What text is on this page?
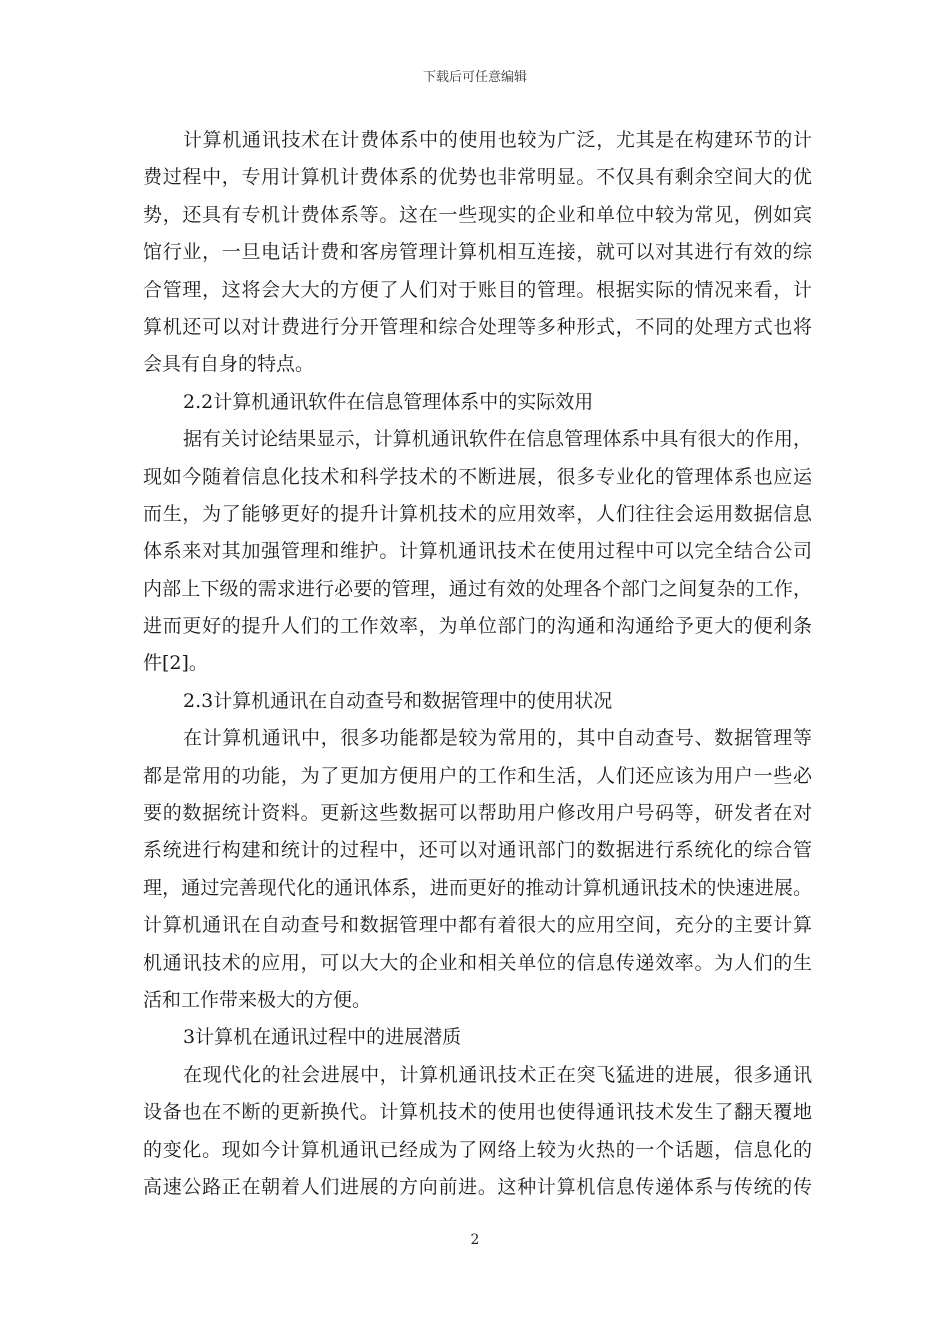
下载后可任意编辑
计算机通讯技术在计费体系中的使用也较为广泛，尤其是在构建环节的计
费过程中，专用计算机计费体系的优势也非常明显。不仅具有剩余空间大的优
势，还具有专机计费体系等。这在一些现实的企业和单位中较为常见，例如宾
馆行业，一旦电话计费和客房管理计算机相互连接，就可以对其进行有效的综
合管理，这将会大大的方便了人们对于账目的管理。根据实际的情况来看，计
算机还可以对计费进行分开管理和综合处理等多种形式，不同的处理方式也将
会具有自身的特点。
2.2计算机通讯软件在信息管理体系中的实际效用
据有关讨论结果显示，计算机通讯软件在信息管理体系中具有很大的作用，
现如今随着信息化技术和科学技术的不断进展，很多专业化的管理体系也应运
而生，为了能够更好的提升计算机技术的应用效率，人们往往会运用数据信息
体系来对其加强管理和维护。计算机通讯技术在使用过程中可以完全结合公司
内部上下级的需求进行必要的管理，通过有效的处理各个部门之间复杂的工作，
进而更好的提升人们的工作效率，为单位部门的沟通和沟通给予更大的便利条
件[2]。
2.3计算机通讯在自动查号和数据管理中的使用状况
在计算机通讯中，很多功能都是较为常用的，其中自动查号、数据管理等
都是常用的功能，为了更加方便用户的工作和生活，人们还应该为用户一些必
要的数据统计资料。更新这些数据可以帮助用户修改用户号码等，研发者在对
系统进行构建和统计的过程中，还可以对通讯部门的数据进行系统化的综合管
理，通过完善现代化的通讯体系，进而更好的推动计算机通讯技术的快速进展。
计算机通讯在自动查号和数据管理中都有着很大的应用空间，充分的主要计算
机通讯技术的应用，可以大大的企业和相关单位的信息传递效率。为人们的生
活和工作带来极大的方便。
3计算机在通讯过程中的进展潜质
在现代化的社会进展中，计算机通讯技术正在突飞猛进的进展，很多通讯
设备也在不断的更新换代。计算机技术的使用也使得通讯技术发生了翻天覆地
的变化。现如今计算机通讯已经成为了网络上较为火热的一个话题，信息化的
高速公路正在朝着人们进展的方向前进。这种计算机信息传递体系与传统的传
2
